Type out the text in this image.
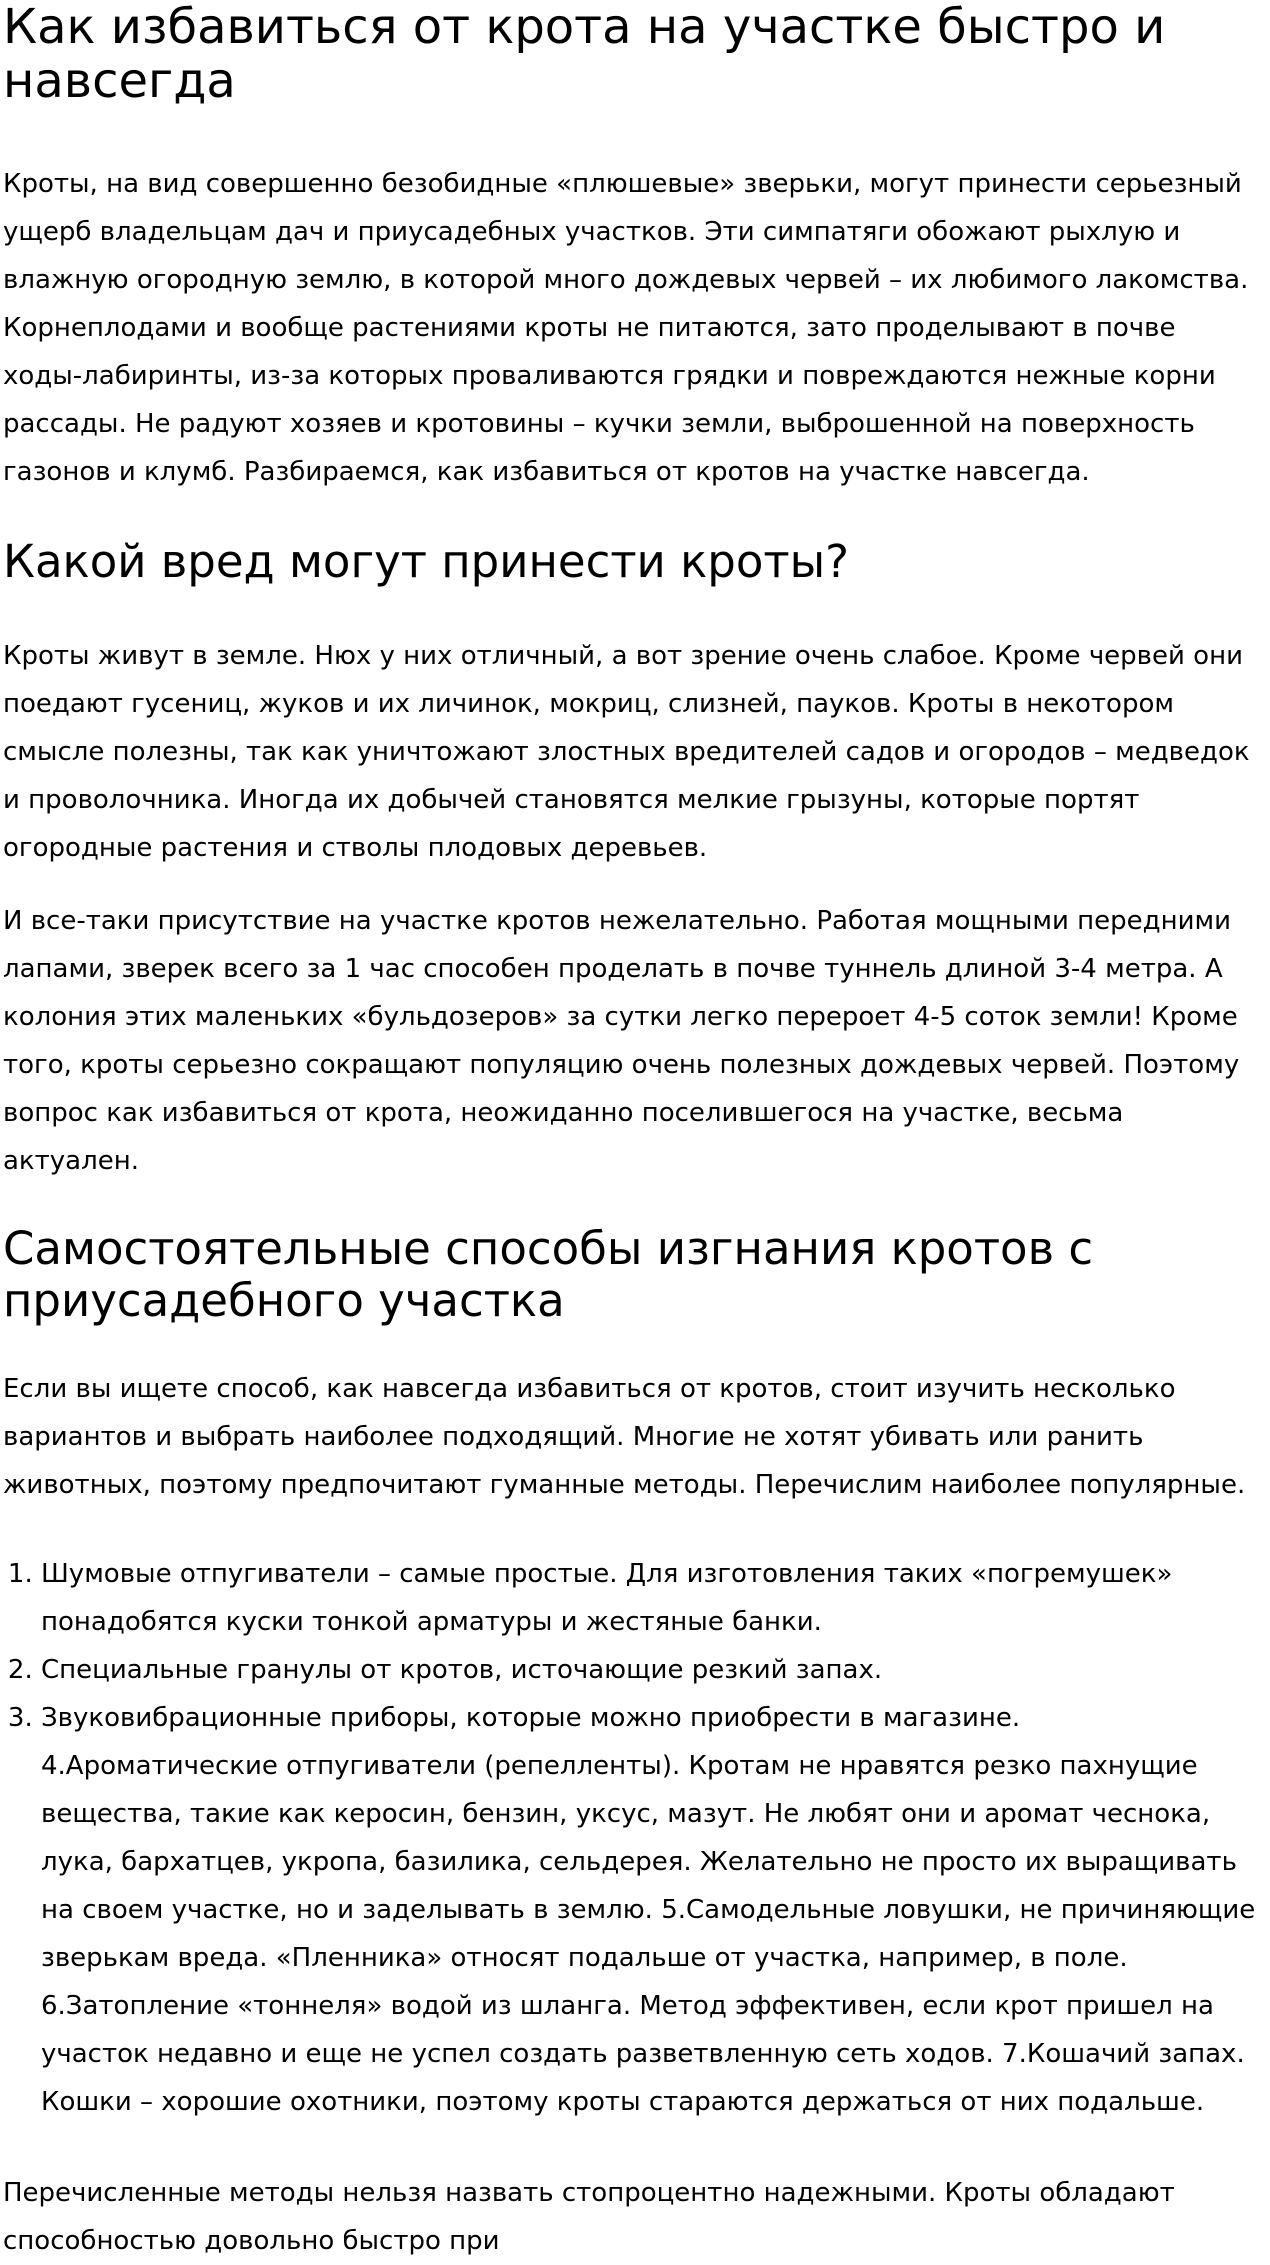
Как избавиться от крота на участке быстро и навсегда

Кроты, на вид совершенно безобидные «плюшевые» зверьки, могут принести серьезный ущерб владельцам дач и приусадебных участков. Эти симпатяги обожают рыхлую и влажную огородную землю, в которой много дождевых червей – их любимого лакомства. Корнеплодами и вообще растениями кроты не питаются, зато проделывают в почве ходы-лабиринты, из-за которых проваливаются грядки и повреждаются нежные корни рассады. Не радуют хозяев и кротовины – кучки земли, выброшенной на поверхность газонов и клумб. Разбираемся, как избавиться от кротов на участке навсегда.

Какой вред могут принести кроты?

Кроты живут в земле. Нюх у них отличный, а вот зрение очень слабое. Кроме червей они поедают гусениц, жуков и их личинок, мокриц, слизней, пауков. Кроты в некотором смысле полезны, так как уничтожают злостных вредителей садов и огородов – медведок и проволочника. Иногда их добычей становятся мелкие грызуны, которые портят огородные растения и стволы плодовых деревьев.

И все-таки присутствие на участке кротов нежелательно. Работая мощными передними лапами, зверек всего за 1 час способен проделать в почве туннель длиной 3-4 метра. А колония этих маленьких «бульдозеров» за сутки легко перероет 4-5 соток земли! Кроме того, кроты серьезно сокращают популяцию очень полезных дождевых червей. Поэтому вопрос как избавиться от крота, неожиданно поселившегося на участке, весьма актуален.

Самостоятельные способы изгнания кротов с приусадебного участка

Если вы ищете способ, как навсегда избавиться от кротов, стоит изучить несколько вариантов и выбрать наиболее подходящий. Многие не хотят убивать или ранить животных, поэтому предпочитают гуманные методы. Перечислим наиболее популярные.

1. Шумовые отпугиватели – самые простые. Для изготовления таких «погремушек» понадобятся куски тонкой арматуры и жестяные банки.
2. Специальные гранулы от кротов, источающие резкий запах.
3. Звуковибрационные приборы, которые можно приобрести в магазине. 4.Ароматические отпугиватели (репелленты). Кротам не нравятся резко пахнущие вещества, такие как керосин, бензин, уксус, мазут. Не любят они и аромат чеснока, лука, бархатцев, укропа, базилика, сельдерея. Желательно не просто их выращивать на своем участке, но и заделывать в землю. 5.Самодельные ловушки, не причиняющие зверькам вреда. «Пленника» относят подальше от участка, например, в поле. 6.Затопление «тоннеля» водой из шланга. Метод эффективен, если крот пришел на участок недавно и еще не успел создать разветвленную сеть ходов. 7.Кошачий запах. Кошки – хорошие охотники, поэтому кроты стараются держаться от них подальше.

Перечисленные методы нельзя назвать стопроцентно надежными. Кроты обладают способностью довольно быстро при
